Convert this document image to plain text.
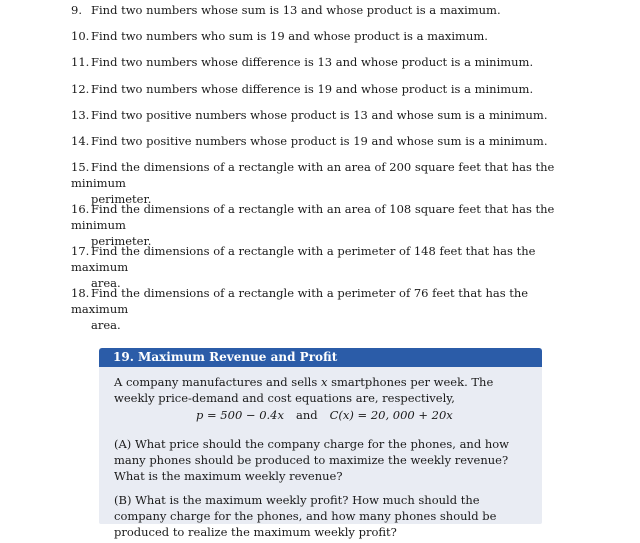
9. Find two numbers whose sum is 13 and whose product is a maximum.
10. Find two numbers who sum is 19 and whose product is a maximum.
11. Find two numbers whose difference is 13 and whose product is a minimum.
12. Find two numbers whose difference is 19 and whose product is a minimum.
13. Find two positive numbers whose product is 13 and whose sum is a minimum.
14. Find two positive numbers whose product is 19 and whose sum is a minimum.
15. Find the dimensions of a rectangle with an area of 200 square feet that has the minimum
perimeter.
16. Find the dimensions of a rectangle with an area of 108 square feet that has the minimum
perimeter.
17. Find the dimensions of a rectangle with a perimeter of 148 feet that has the maximum
area.
18. Find the dimensions of a rectangle with a perimeter of 76 feet that has the maximum
area.
19. Maximum Revenue and Profit
A company manufactures and sells x smartphones per week. The weekly price-demand and cost equations are, respectively,
p = 500 − 0.4x and C(x) = 20, 000 + 20x
(A) What price should the company charge for the phones, and how many phones should be produced to maximize the weekly revenue? What is the maximum weekly revenue?
(B) What is the maximum weekly profit? How much should the company charge for the phones, and how many phones should be produced to realize the maximum weekly profit?
